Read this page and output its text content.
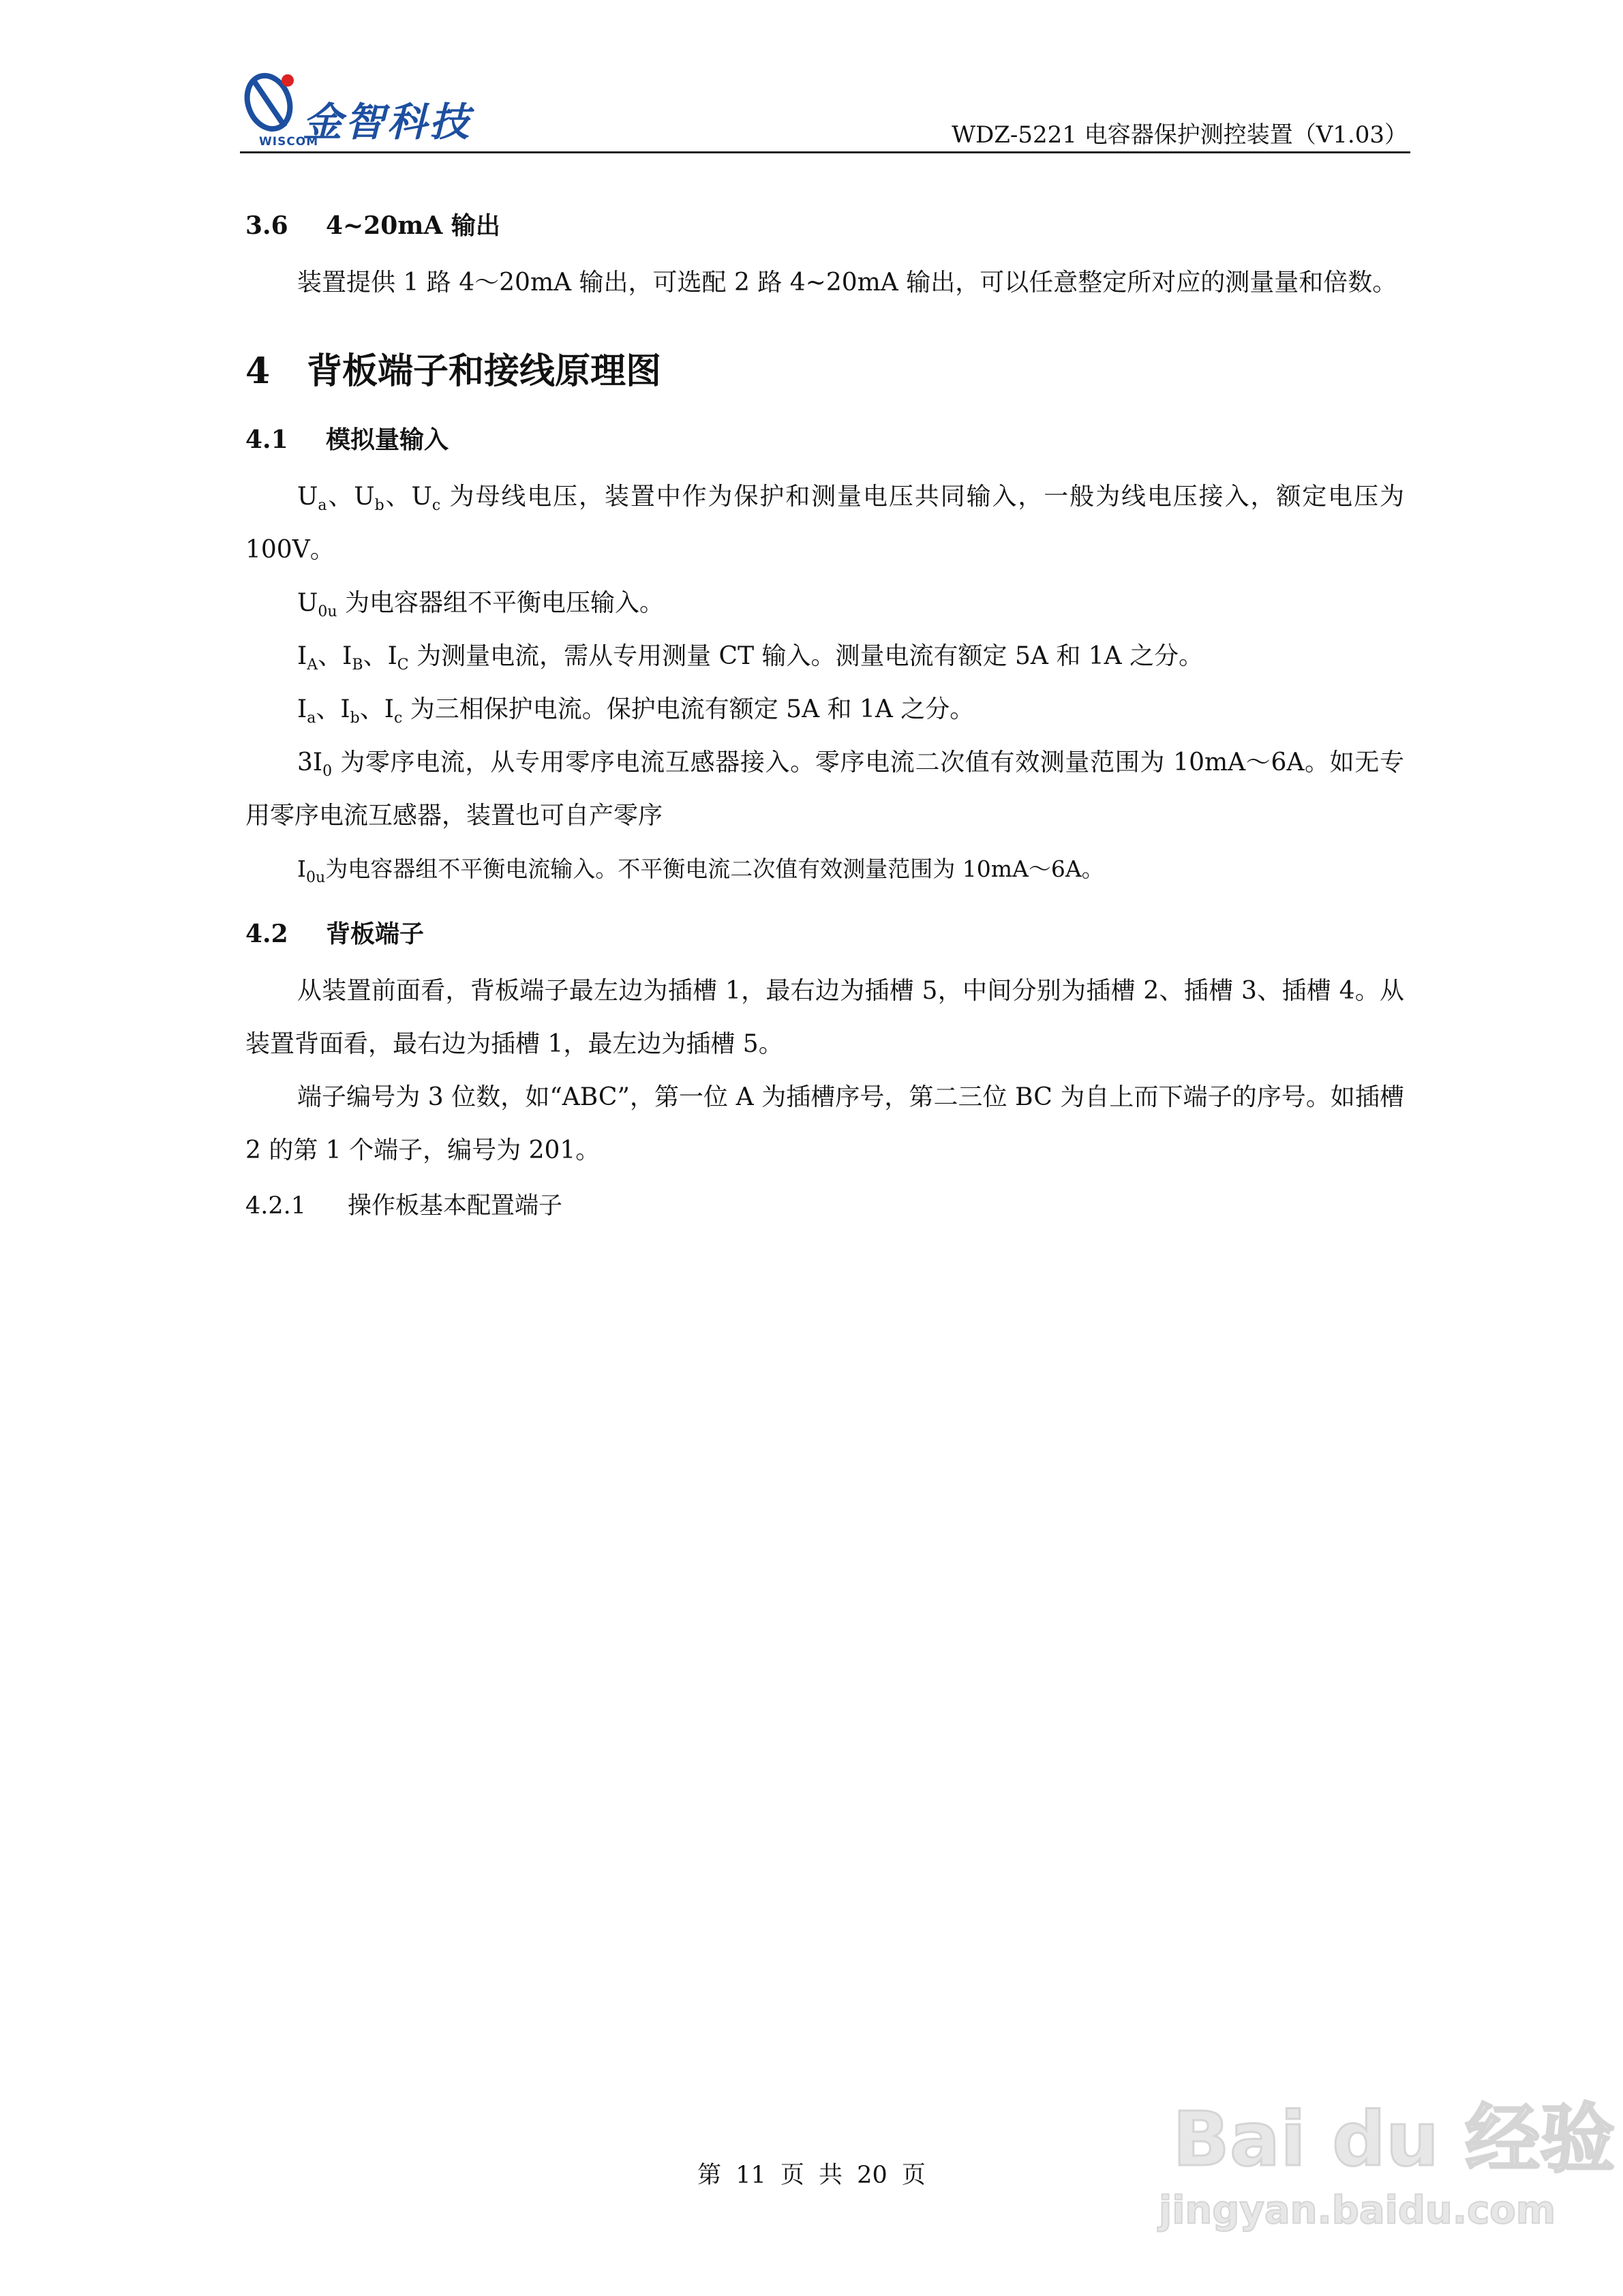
金智科技
WISCOM	WDZ-5221 电容器保护测控装置（V1.03）
3.6 4~20mA 输出

装置提供 1 路 4～20mA 输出，可选配 2 路 4~20mA 输出，可以任意整定所对应的测量量和倍数。

4 背板端子和接线原理图
4.1 模拟量输入

$U_a$、$U_b$、$U_c$ 为母线电压，装置中作为保护和测量电压共同输入，一般为线电压接入，额定电压为 100V。

$U_{0u}$ 为电容器组不平衡电压输入。

$I_A$、$I_B$、$I_C$ 为测量电流，需从专用测量 CT 输入。测量电流有额定 5A 和 1A 之分。

$I_a$、$I_b$、$I_c$ 为三相保护电流。保护电流有额定 5A 和 1A 之分。

$3I_0$ 为零序电流，从专用零序电流互感器接入。零序电流二次值有效测量范围为 10mA～6A。如无专用零序电流互感器，装置也可自产零序

$I_{0u}$为电容器组不平衡电流输入。不平衡电流二次值有效测量范围为 10mA～6A。

4.2 背板端子

从装置前面看，背板端子最左边为插槽 1，最右边为插槽 5，中间分别为插槽 2、插槽 3、插槽 4。从装置背面看，最右边为插槽 1，最左边为插槽 5。

端子编号为 3 位数，如“ABC”，第一位 A 为插槽序号，第二三位 BC 为自上而下端子的序号。如插槽 2 的第 1 个端子，编号为 201。

4.2.1 操作板基本配置端子
第 11 页 共 20 页	Bai du 经验
jingyan.baidu.com
